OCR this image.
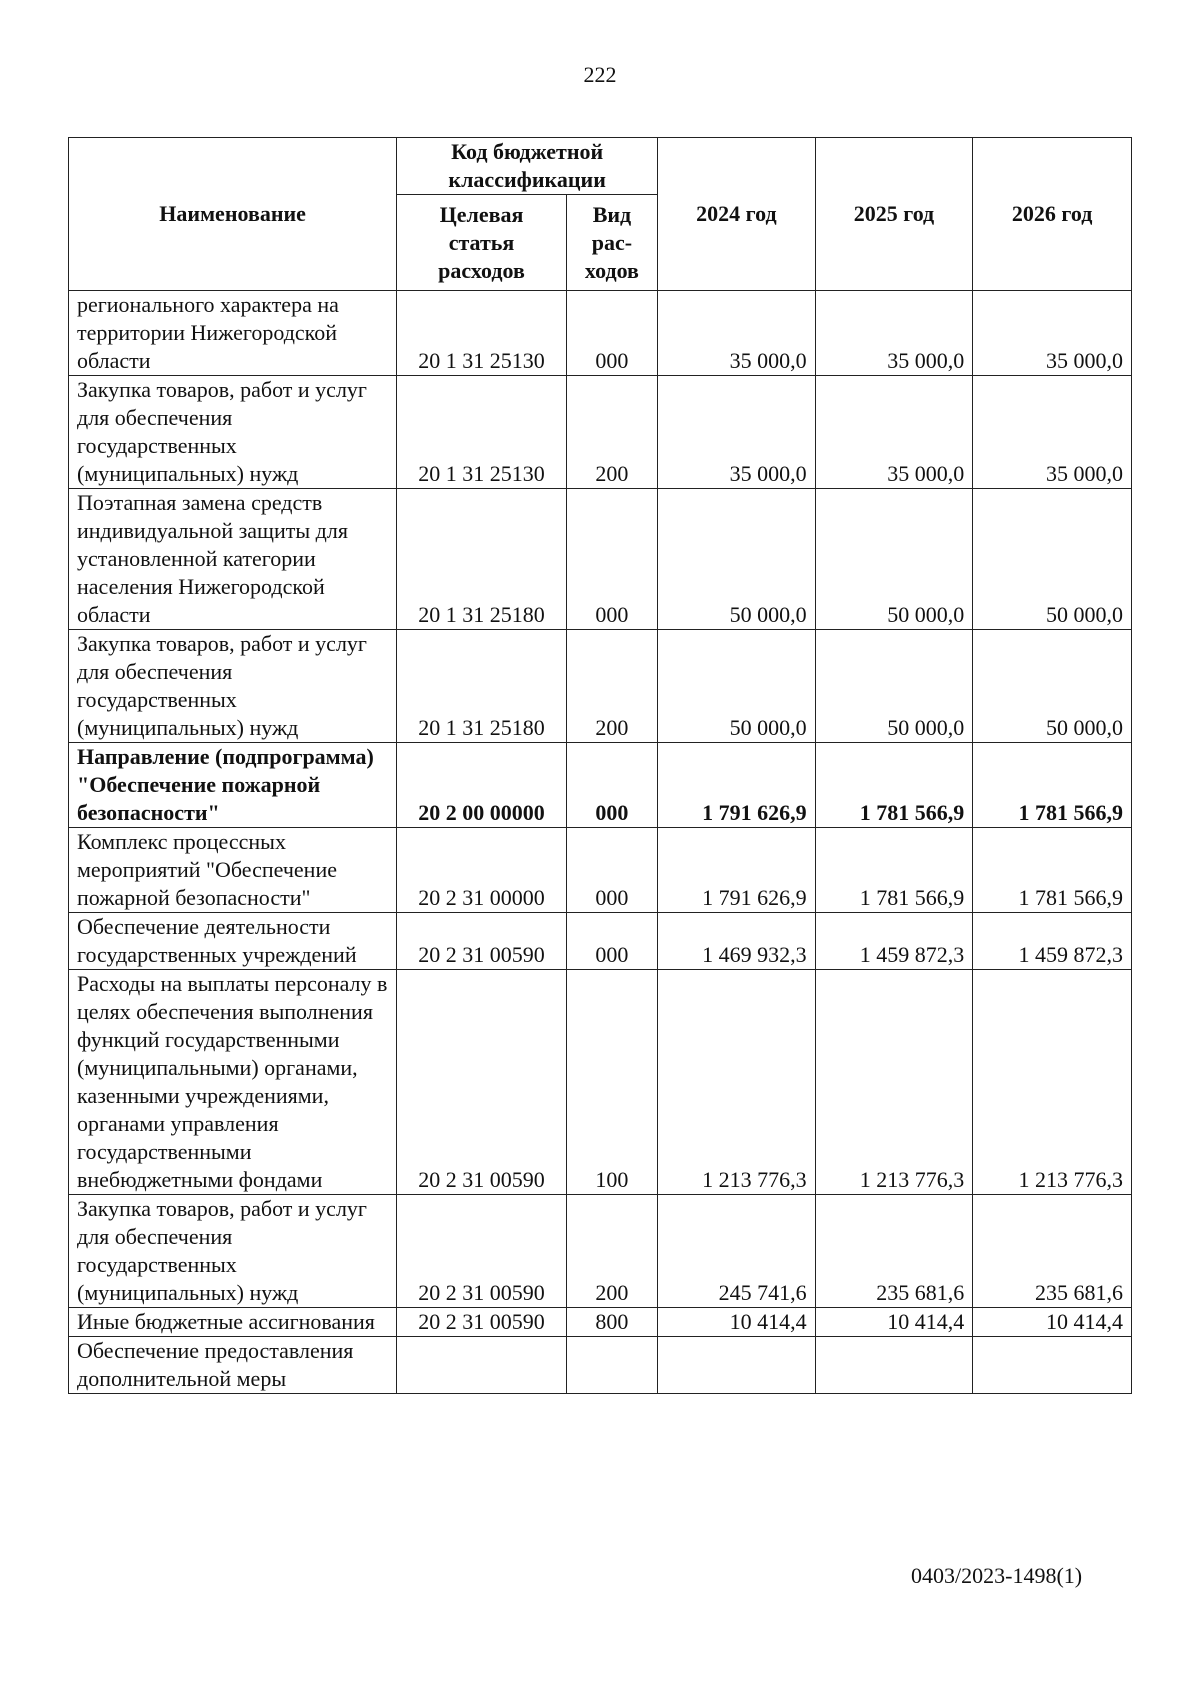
222
Наименование	Код бюджетной классификации		2024 год	2025 год	2026 год
	Целевая статья расходов	Вид рас-ходов			
регионального характера на территории Нижегородской области	20 1 31 25130	000	35 000,0	35 000,0	35 000,0
Закупка товаров, работ и услуг для обеспечения государственных (муниципальных) нужд	20 1 31 25130	200	35 000,0	35 000,0	35 000,0
Поэтапная замена средств индивидуальной защиты для установленной категории населения Нижегородской области	20 1 31 25180	000	50 000,0	50 000,0	50 000,0
Закупка товаров, работ и услуг для обеспечения государственных (муниципальных) нужд	20 1 31 25180	200	50 000,0	50 000,0	50 000,0
Направление (подпрограмма) "Обеспечение пожарной безопасности"	20 2 00 00000	000	1 791 626,9	1 781 566,9	1 781 566,9
Комплекс процессных мероприятий "Обеспечение пожарной безопасности"	20 2 31 00000	000	1 791 626,9	1 781 566,9	1 781 566,9
Обеспечение деятельности государственных учреждений	20 2 31 00590	000	1 469 932,3	1 459 872,3	1 459 872,3
Расходы на выплаты персоналу в целях обеспечения выполнения функций государственными (муниципальными) органами, казенными учреждениями, органами управления государственными внебюджетными фондами	20 2 31 00590	100	1 213 776,3	1 213 776,3	1 213 776,3
Закупка товаров, работ и услуг для обеспечения государственных (муниципальных) нужд	20 2 31 00590	200	245 741,6	235 681,6	235 681,6
Иные бюджетные ассигнования	20 2 31 00590	800	10 414,4	10 414,4	10 414,4
Обеспечение предоставления дополнительной меры					
0403/2023-1498(1)
